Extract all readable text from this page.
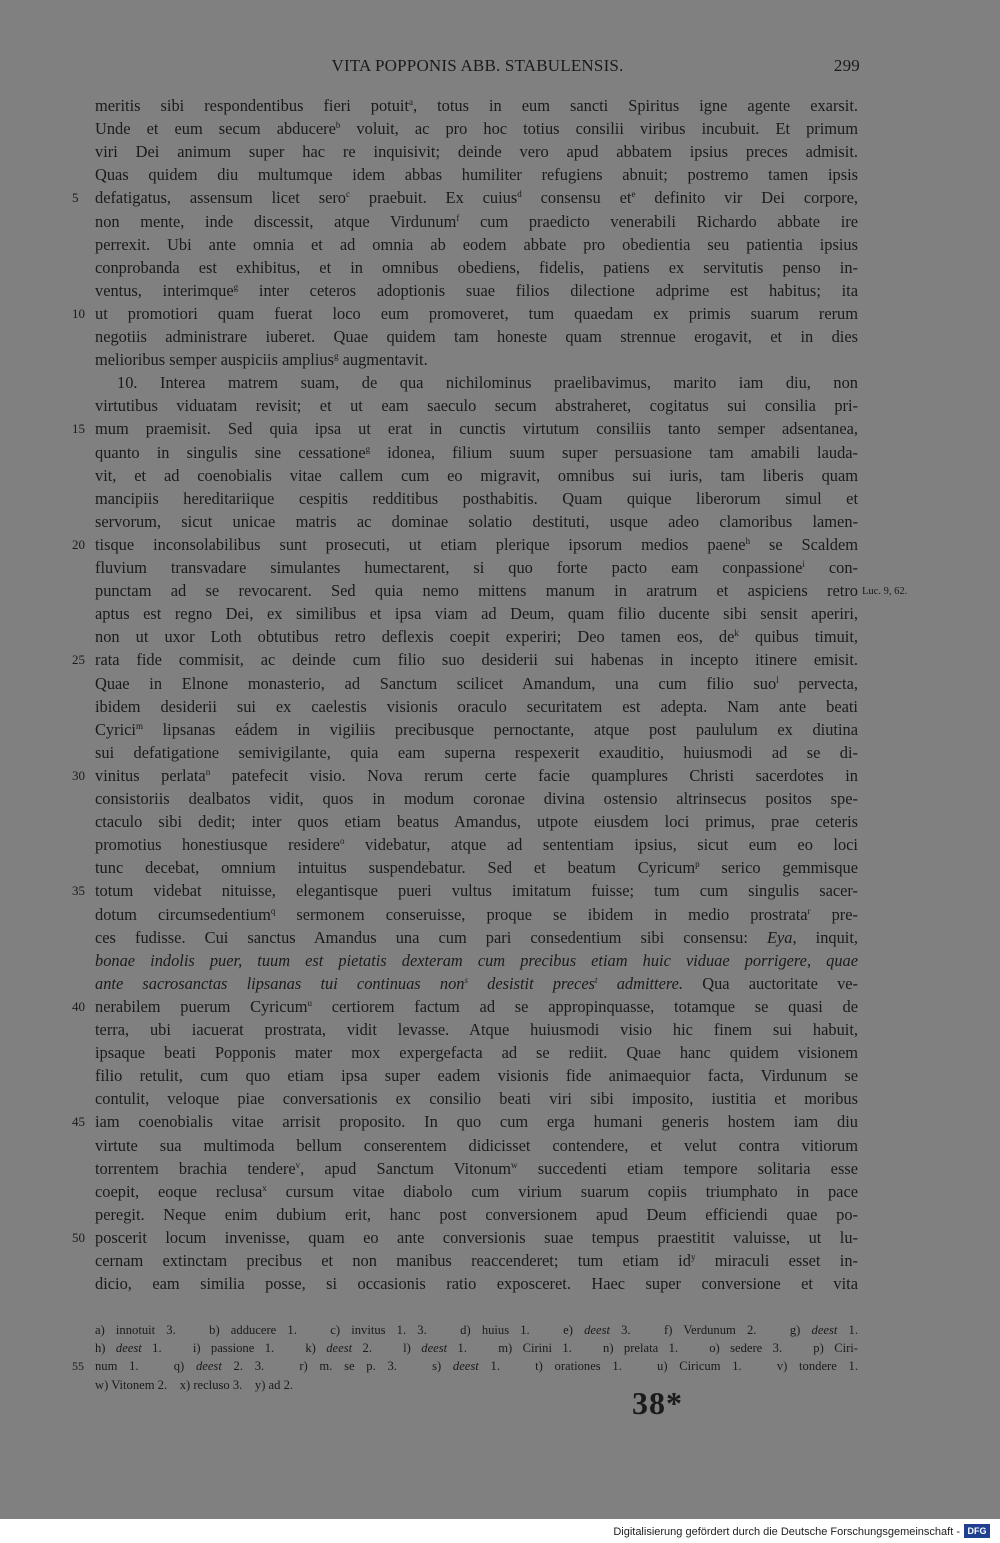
VITA POPPONIS ABB. STABULENSIS.	299
meritis sibi respondentibus fieri potuit$^a$, totus in eum sancti Spiritus igne agente exarsit.
Unde et eum secum abducere$^b$ voluit, ac pro hoc totius consilii viribus incubuit. Et primum
viri Dei animum super hac re inquisivit; deinde vero apud abbatem ipsius preces admisit.
Quas quidem diu multumque idem abbas humiliter refugiens abnuit; postremo tamen ipsis
defatigatus, assensum licet sero$^c$ praebuit. Ex cuius$^d$ consensu $et^e$ definito vir Dei corpore,
5
non mente, inde discessit, atque Virdunum$^f$ cum praedicto venerabili Richardo abbate ire
perrexit. Ubi ante omnia et ad omnia ab eodem abbate pro obedientia seu patientia ipsius
conprobanda est exhibitus, et in omnibus obediens, fidelis, patiens ex servitutis penso in-
ventus, interimque$^g$ inter ceteros adoptionis suae filios dilectione adprime est habitus; ita
ut promotiori quam fuerat loco eum promoveret, tum quaedam ex primis suarum rerum
10
negotiis administrare iuberet. Quae quidem tam honeste quam strennue erogavit, et in dies
melioribus semper auspiciis amplius$^g$ augmentavit.
10. Interea matrem suam, de qua nichilominus praelibavimus, marito iam diu, non
virtutibus viduatam revisit; et ut eam saeculo secum abstraheret, cogitatus sui consilia pri-
mum praemisit. Sed quia ipsa ut erat in cunctis virtutum consiliis tanto semper adsentanea,
15
quanto in singulis sine cessatione$^g$ idonea, filium suum super persuasione tam amabili lauda-
vit, et ad coenobialis vitae callem cum eo migravit, omnibus sui iuris, tam liberis quam
mancipiis hereditariique cespitis redditibus posthabitis. Quam quique liberorum simul et
servorum, sicut unicae matris ac dominae solatio destituti, usque adeo clamoribus lamen-
tisque inconsolabilibus sunt prosecuti, ut etiam plerique ipsorum medios paene$^h$ se Scaldem
20
fluvium transvadare simulantes humectarent, si quo forte pacto eam conpassione$^i$ con-
punctam ad se revocarent. Sed quia nemo mittens manum in aratrum et aspiciens retro Luc. 9, 62.
aptus est regno Dei, ex similibus et ipsa viam ad Deum, quam filio ducente sibi sensit aperiri,
non ut uxor Loth obtutibus retro deflexis coepit experiri; Deo tamen eos, $de^k$ quibus timuit,
rata fide commisit, ac deinde cum filio suo desiderii sui habenas in incepto itinere emisit.
25
Quae in Elnone monasterio, ad Sanctum scilicet Amandum, una cum filio suo$^l$ pervecta,
ibidem desiderii sui ex caelestis visionis oraculo securitatem est adepta. Nam ante beati
Cyrici$^m$ lipsanas eádem in vigiliis precibusque pernoctante, atque post paululum ex diutina
sui defatigatione semivigilante, quia eam superna respexerit exauditio, huiusmodi ad se di-
vinitus perlata$^n$ patefecit visio. Nova rerum certe facie quamplures Christi sacerdotes in
30
consistoriis dealbatos vidit, quos in modum coronae divina ostensio altrinsecus positos spe-
ctaculo sibi dedit; inter quos etiam beatus Amandus, utpote eiusdem loci primus, prae ceteris
promotius honestiusque residere$^o$ videbatur, atque ad sententiam ipsius, sicut eum eo loci
tunc decebat, omnium intuitus suspendebatur. Sed et beatum Cyricum$^p$ serico gemmisque
totum videbat nituisse, elegantisque pueri vultus imitatum fuisse; tum cum singulis sacer-
35
dotum circumsedentium$^q$ sermonem conseruisse, proque se ibidem in medio prostrata$^r$ pre-
ces fudisse. Cui sanctus Amandus una cum pari consedentium sibi consensu: Eya, inquit,
bonae indolis puer, tuum est pietatis dexteram cum precibus etiam huic viduae porrigere, quae
ante sacrosanctas lipsanas tui continuas non$^s$ desistit preces$^t$ admittere. Qua auctoritate ve-
nerabilem puerum Cyricum$^u$ certiorem factum ad se appropinquasse, totamque se quasi de
40
terra, ubi iacuerat prostrata, vidit levasse. Atque huiusmodi visio hic finem sui habuit,
ipsaque beati Popponis mater mox expergefacta ad se rediit. Quae hanc quidem visionem
filio retulit, cum quo etiam ipsa super eadem visionis fide animaequior facta, Virdunum se
contulit, veloque piae conversationis ex consilio beati viri sibi imposito, iustitia et moribus
iam coenobialis vitae arrisit proposito. In quo cum erga humani generis hostem iam diu
45
virtute sua multimoda bellum conserentem didicisset contendere, et velut contra vitiorum
torrentem brachia tendere$^v$, apud Sanctum Vitonum$^w$ succedenti etiam tempore solitaria esse
coepit, eoque reclusa$^x$ cursum vitae diabolo cum virium suarum copiis triumphato in pace
peregit. Neque enim dubium erit, hanc post conversionem apud Deum efficiendi quae po-
poscerit locum invenisse, quam eo ante conversionis suae tempus praestitit valuisse, ut lu-
50
cernam extinctam precibus et non manibus reaccenderet; tum etiam $id^y$ miraculi esset in-
dicio, eam similia posse, si occasionis ratio exposceret. Haec super conversione et vita
a) innotuit 3.   b) adducere 1.   c) invitus 1. 3.   d) huius 1.   e) deest 3.   f) Verdunum 2.   g) deest 1.
h) deest 1.   i) passione 1.   k) deest 2.   l) deest 1.   m) Cirini 1.   n) prelata 1.   o) sedere 3.   p) Ciri-
num 1.   q) deest 2. 3.   r) m. se p. 3.   s) deest 1.   t) orationes 1.   u) Ciricum 1.   v) tondere 1.
55
w) Vitonem 2.    x) recluso 3.    y) ad 2.
38*
Digitalisierung gefördert durch die Deutsche Forschungsgemeinschaft - DFG
